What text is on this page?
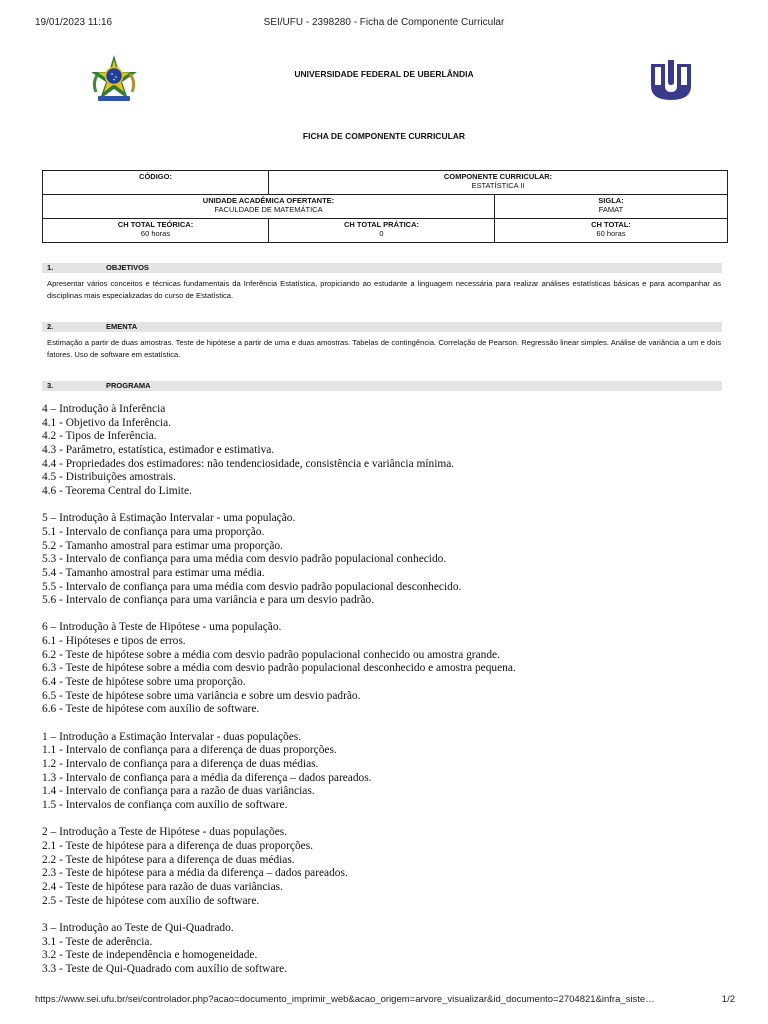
19/01/2023 11:16	SEI/UFU - 2398280 - Ficha de Componente Curricular
UNIVERSIDADE FEDERAL DE UBERLÂNDIA
FICHA DE COMPONENTE CURRICULAR
CÓDIGO:	COMPONENTE CURRICULAR:
ESTATÍSTICA II	

UNIDADE ACADÊMICA OFERTANTE:
FACULDADE DE MATEMÁTICA		SIGLA:
FAMAT

CH TOTAL TEÓRICA:
60 horas	CH TOTAL PRÁTICA:
0	CH TOTAL:
60 horas
1.	OBJETIVOS
Apresentar vários conceitos e técnicas fundamentais da Inferência Estatística, propiciando ao estudante a linguagem necessária para realizar análises estatísticas básicas e para acompanhar as disciplinas mais especializadas do curso de Estatística.
2.	EMENTA
Estimação a partir de duas amostras. Teste de hipótese a partir de uma e duas amostras. Tabelas de contingência. Correlação de Pearson. Regressão linear simples. Análise de variância a um e dois fatores. Uso de software em estatística.
3.	PROGRAMA
4 – Introdução à Inferência
4.1 - Objetivo da Inferência.
4.2 - Tipos de Inferência.
4.3 - Parâmetro, estatística, estimador e estimativa.
4.4 - Propriedades dos estimadores: não tendenciosidade, consistência e variância mínima.
4.5 - Distribuições amostrais.
4.6 - Teorema Central do Limite.
5 – Introdução à Estimação Intervalar - uma população.
5.1 - Intervalo de confiança para uma proporção.
5.2 - Tamanho amostral para estimar uma proporção.
5.3 - Intervalo de confiança para uma média com desvio padrão populacional conhecido.
5.4 - Tamanho amostral para estimar uma média.
5.5 - Intervalo de confiança para uma média com desvio padrão populacional desconhecido.
5.6 - Intervalo de confiança para uma variância e para um desvio padrão.
6 – Introdução à Teste de Hipótese - uma população.
6.1 - Hipóteses e tipos de erros.
6.2 - Teste de hipótese sobre a média com desvio padrão populacional conhecido ou amostra grande.
6.3 - Teste de hipótese sobre a média com desvio padrão populacional desconhecido e amostra pequena.
6.4 - Teste de hipótese sobre uma proporção.
6.5 - Teste de hipótese sobre uma variância e sobre um desvio padrão.
6.6 - Teste de hipótese com auxílio de software.
1 – Introdução a Estimação Intervalar - duas populações.
1.1 - Intervalo de confiança para a diferença de duas proporções.
1.2 - Intervalo de confiança para a diferença de duas médias.
1.3 - Intervalo de confiança para a média da diferença – dados pareados.
1.4 - Intervalo de confiança para a razão de duas variâncias.
1.5 - Intervalos de confiança com auxílio de software.
2 – Introdução a Teste de Hipótese - duas populações.
2.1 - Teste de hipótese para a diferença de duas proporções.
2.2 - Teste de hipótese para a diferença de duas médias.
2.3 - Teste de hipótese para a média da diferença – dados pareados.
2.4 - Teste de hipótese para razão de duas variâncias.
2.5 - Teste de hipótese com auxílio de software.
3 – Introdução ao Teste de Qui-Quadrado.
3.1 - Teste de aderência.
3.2 - Teste de independência e homogeneidade.
3.3 - Teste de Qui-Quadrado com auxílio de software.
https://www.sei.ufu.br/sei/controlador.php?acao=documento_imprimir_web&acao_origem=arvore_visualizar&id_documento=2704821&infra_siste…	1/2
